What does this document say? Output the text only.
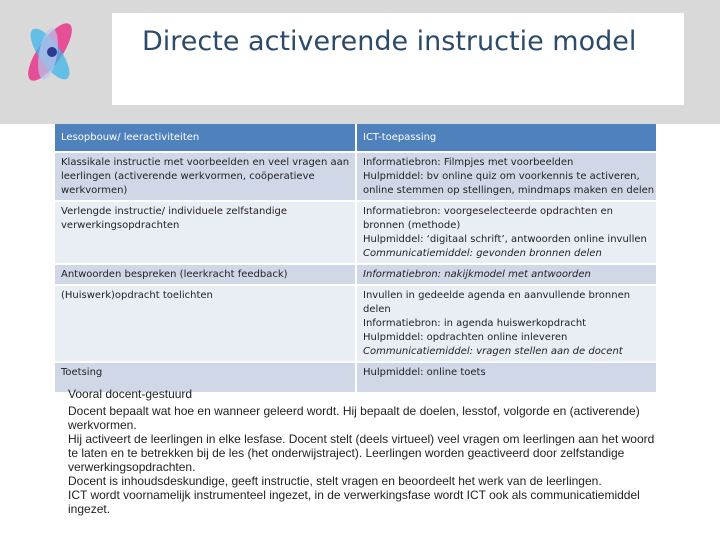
Directe activerende instructie model
Lesopbouw/ leeractiviteiten	ICT-toepassing

Klassikale instructie met voorbeelden en veel vragen aan
leerlingen (activerende werkvormen, coöperatieve
werkvormen)	Informatiebron: Filmpjes met voorbeelden
Hulpmiddel: bv online quiz om voorkennis te activeren,
online stemmen op stellingen, mindmaps maken en delen

Verlengde instructie/ individuele zelfstandige
verwerkingsopdrachten	Informatiebron: voorgeselecteerde opdrachten en
bronnen (methode)
Hulpmiddel: ‘digitaal schrift’, antwoorden online invullen
Communicatiemiddel: gevonden bronnen delen

Antwoorden bespreken (leerkracht feedback)	Informatiebron: nakijkmodel met antwoorden

(Huiswerk)opdracht toelichten	Invullen in gedeelde agenda en aanvullende bronnen
delen
Informatiebron: in agenda huiswerkopdracht
Hulpmiddel: opdrachten online inleveren
Communicatiemiddel: vragen stellen aan de docent

Toetsing	Hulpmiddel: online toets
Vooral docent-gestuurd
Docent bepaalt wat hoe en wanneer geleerd wordt. Hij bepaalt de doelen, lesstof, volgorde en (activerende)
werkvormen.
Hij activeert de leerlingen in elke lesfase. Docent stelt (deels virtueel) veel vragen om leerlingen aan het woord
te laten en te betrekken bij de les (het onderwijstraject). Leerlingen worden geactiveerd door zelfstandige
verwerkingsopdrachten.
Docent is inhoudsdeskundige, geeft instructie, stelt vragen en beoordeelt het werk van de leerlingen.
ICT wordt voornamelijk instrumenteel ingezet, in de verwerkingsfase wordt ICT ook als communicatiemiddel
ingezet.
